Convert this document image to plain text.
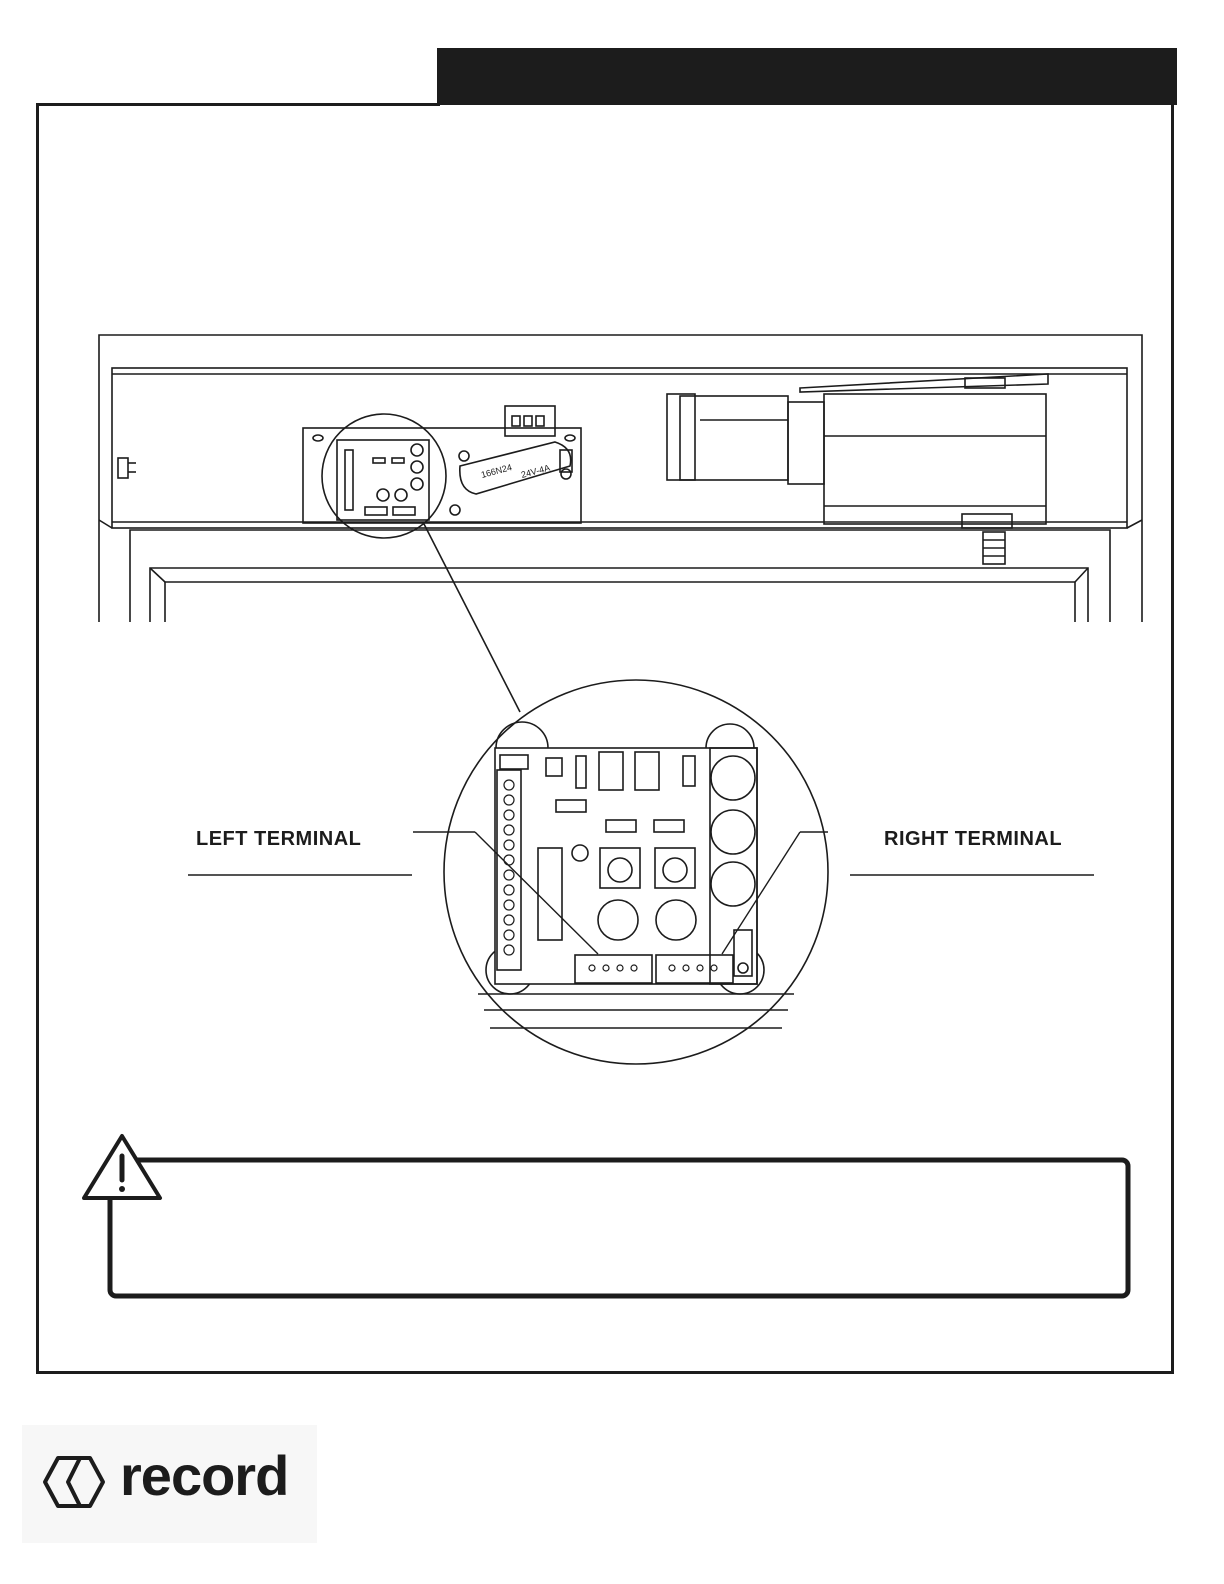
166N24 24V-4A
LEFT TERMINAL	RIGHT TERMINAL
record
